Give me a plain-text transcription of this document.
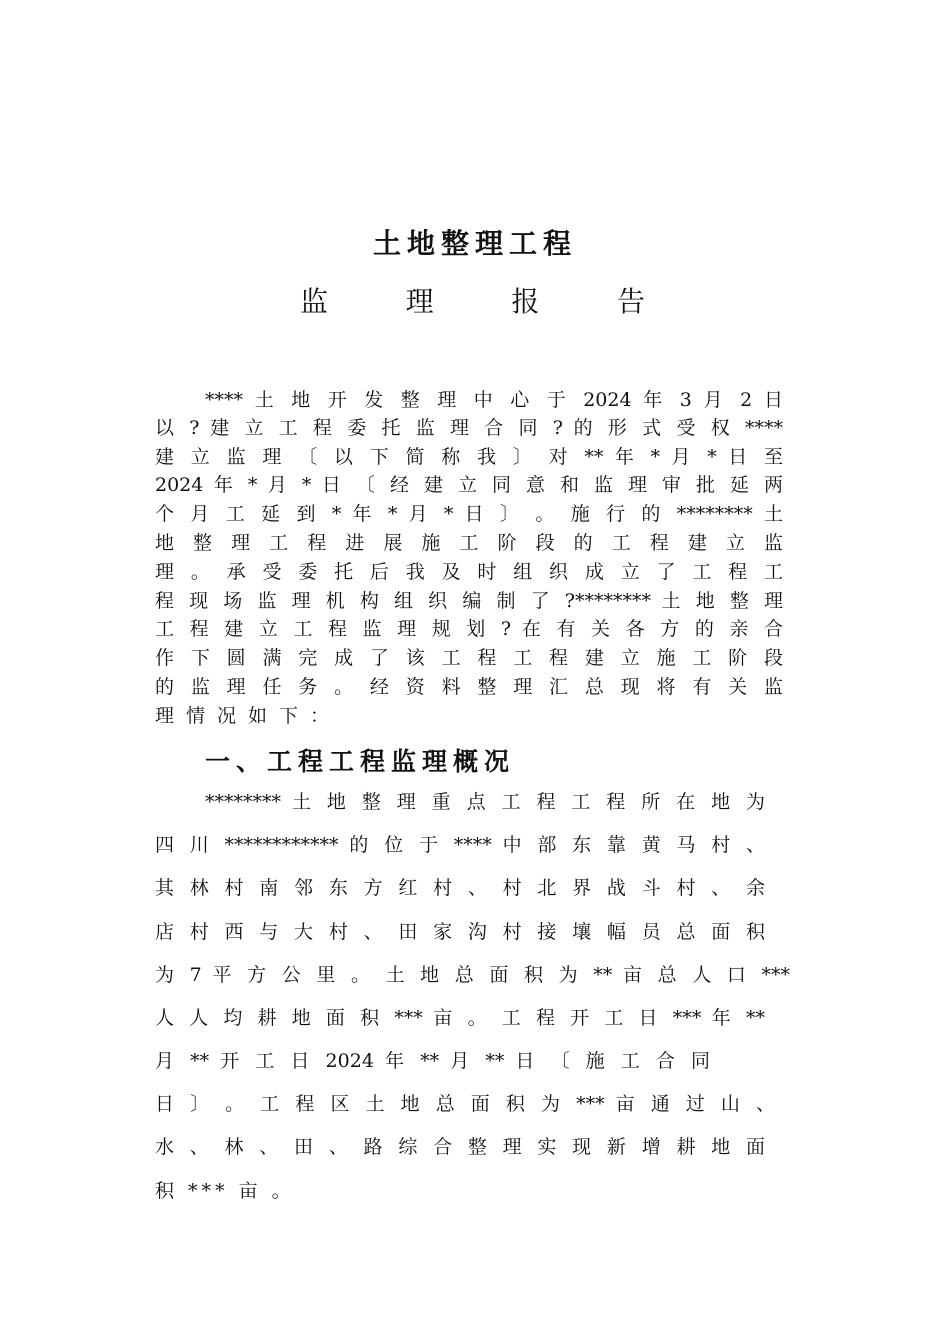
土地整理工程
监	理	报	告

**** 土 地 开 发 整 理 中 心 于 2024 年 3 月 2 日

以 ? 建 立 工 程 委 托 监 理 合 同 ? 的 形 式 受 权 ****

建 立 监 理 〔 以 下 简 称 我 〕 对 ** 年 * 月 * 日 至

2024 年 * 月 * 日 〔 经 建 立 同 意 和 监 理 审 批 延 两

个 月 工 延 到 * 年 * 月 * 日 〕 。 施 行 的 ******** 土

地 整 理 工 程 进 展 施 工 阶 段 的 工 程 建 立 监

理 。 承 受 委 托 后 我 及 时 组 织 成 立 了 工 程 工

程 现 场 监 理 机 构 组 织 编 制 了 ?******** 土 地 整 理

工 程 建 立 工 程 监 理 规 划 ? 在 有 关 各 方 的 亲 合

作 下 圆 满 完 成 了 该 工 程 工 程 建 立 施 工 阶 段

的 监 理 任 务 。 经 资 料 整 理 汇 总 现 将 有 关 监

理情况如下：

一、工程工程监理概况

******** 土 地 整 理 重 点 工 程 工 程 所 在 地 为

四 川 ************ 的 位 于 **** 中 部 东 靠 黄 马 村 、

其 林 村 南 邻 东 方 红 村 、 村 北 界 战 斗 村 、 余

店 村 西 与 大 村 、 田 家 沟 村 接 壤 幅 员 总 面 积

为 7 平 方 公 里 。 土 地 总 面 积 为 ** 亩 总 人 口 ***

人 人 均 耕 地 面 积 *** 亩 。 工 程 开 工 日 *** 年 **

月 ** 开 工 日 2024 年 ** 月 ** 日 〔 施 工 合 同

日 〕 。 工 程 区 土 地 总 面 积 为 *** 亩 通 过 山 、

水 、 林 、 田 、 路 综 合 整 理 实 现 新 增 耕 地 面

积 *** 亩 。
